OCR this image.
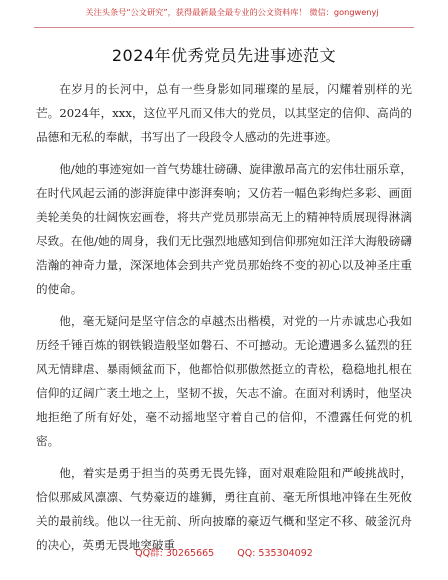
关注头条号“公文研究”，获得最新最全最专业的公文资料库！ 微信：gongwenyj
2024年优秀党员先进事迹范文

在岁月的长河中，总有一些身影如同璀璨的星辰，闪耀着别样的光芒。2024年，xxx，这位平凡而又伟大的党员，以其坚定的信仰、高尚的品德和无私的奉献，书写出了一段段令人感动的先进事迹。

他/她的事迹宛如一首气势雄壮磅礴、旋律激昂高亢的宏伟壮丽乐章，在时代风起云涌的澎湃旋律中澎湃奏响；又仿若一幅色彩绚烂多彩、画面美轮美奂的壮阔恢宏画卷，将共产党员那崇高无上的精神特质展现得淋漓尽致。在他/她的周身，我们无比强烈地感知到信仰那宛如汪洋大海般磅礴浩瀚的神奇力量，深深地体会到共产党员那始终不变的初心以及神圣庄重的使命。

他，毫无疑问是坚守信念的卓越杰出楷模，对党的一片赤诚忠心我如历经千锤百炼的钢铁锻造般坚如磐石、不可撼动。无论遭遇多么猛烈的狂风无情肆虐、暴雨倾盆而下，他都恰似那傲然挺立的青松，稳稳地扎根在信仰的辽阔广袤土地之上，坚韧不拔，矢志不渝。在面对利诱时，他坚决地拒绝了所有好处，毫不动摇地坚守着自己的信仰，不澧露任何党的机密。

他，着实是勇于担当的英勇无畏先锋，面对艰难险阻和严峻挑战时，恰似那威风凛凛、气势豪迈的雄狮，勇往直前、毫无所惧地冲锋在生死攸关的最前线。他以一往无前、所向披靡的豪迈气概和坚定不移、破釜沉舟的决心，英勇无畏地突破重

QQ群: 30265665 QQ: 535304092
